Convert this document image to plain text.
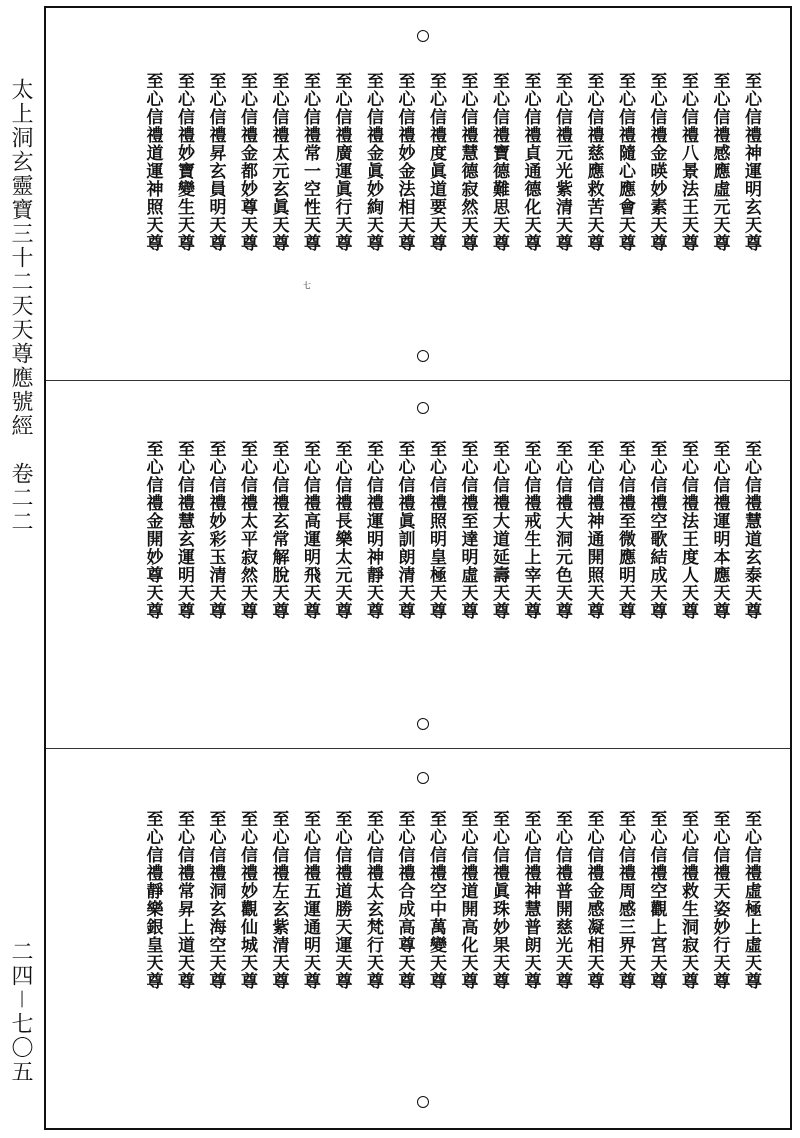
太上洞玄靈寶三十二天天尊應號經　卷二二
二四－七〇五
至心信禮神運明玄天尊
至心信禮感應虛元天尊
至心信禮八景法王天尊
至心信禮金暎妙素天尊
至心信禮隨心應會天尊
至心信禮慈應救苦天尊
至心信禮元光紫清天尊
至心信禮貞通德化天尊
至心信禮寶德難思天尊
至心信禮慧德寂然天尊
至心信禮度眞道要天尊
至心信禮妙金法相天尊
至心信禮金眞妙絢天尊
至心信禮廣運眞行天尊
至心信禮常一空性天尊
至心信禮太元玄眞天尊
至心信禮金都妙尊天尊
至心信禮昇玄員明天尊
至心信禮妙寶變生天尊
至心信禮道運神照天尊
七
至心信禮慧道玄泰天尊
至心信禮運明本應天尊
至心信禮法王度人天尊
至心信禮空歌結成天尊
至心信禮至微應明天尊
至心信禮神通開照天尊
至心信禮大洞元色天尊
至心信禮戒生上宰天尊
至心信禮大道延壽天尊
至心信禮至達明虛天尊
至心信禮照明皇極天尊
至心信禮眞訓朗清天尊
至心信禮運明神靜天尊
至心信禮長樂太元天尊
至心信禮高運明飛天尊
至心信禮玄常解脫天尊
至心信禮太平寂然天尊
至心信禮妙彩玉清天尊
至心信禮慧玄運明天尊
至心信禮金開妙尊天尊
至心信禮虛極上虛天尊
至心信禮天姿妙行天尊
至心信禮救生洞寂天尊
至心信禮空觀上宮天尊
至心信禮周感三界天尊
至心信禮金感凝相天尊
至心信禮普開慈光天尊
至心信禮神慧普朗天尊
至心信禮眞珠妙果天尊
至心信禮道開高化天尊
至心信禮空中萬變天尊
至心信禮合成高尊天尊
至心信禮太玄梵行天尊
至心信禮道勝天運天尊
至心信禮五運通明天尊
至心信禮左玄紫清天尊
至心信禮妙觀仙城天尊
至心信禮洞玄海空天尊
至心信禮常昇上道天尊
至心信禮靜樂銀皇天尊
